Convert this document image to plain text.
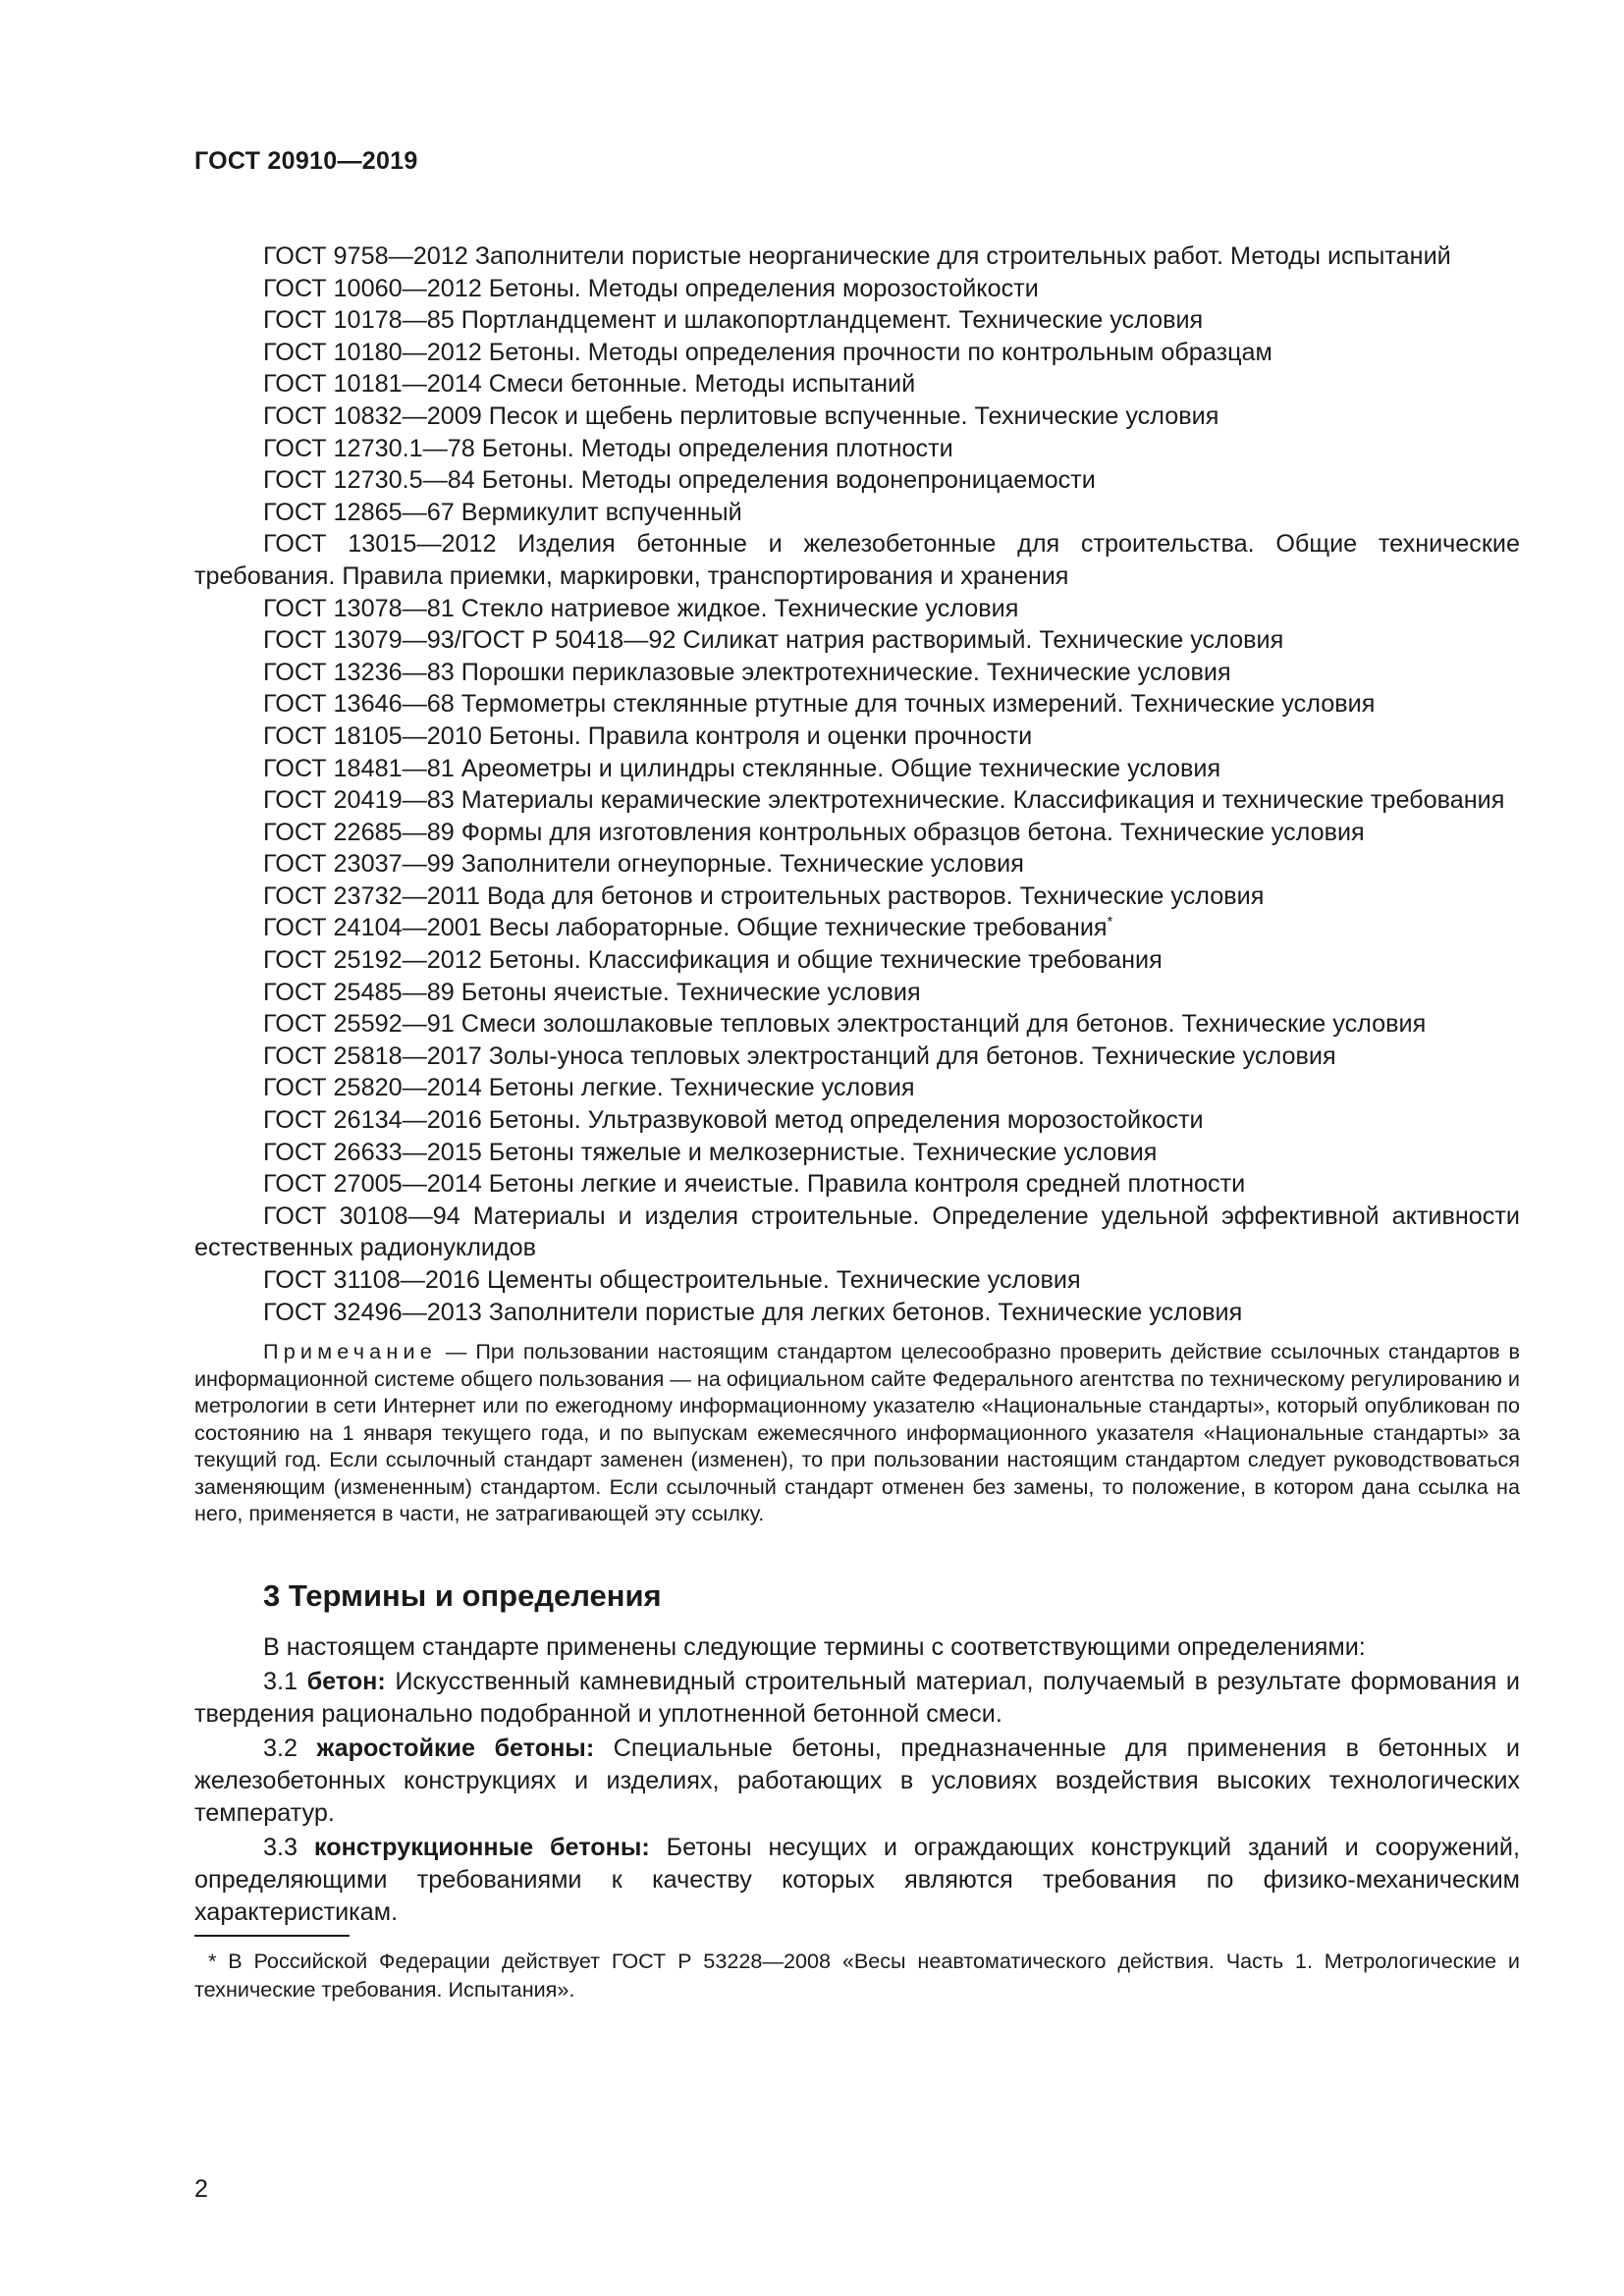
ГОСТ 20910—2019

ГОСТ 9758—2012 Заполнители пористые неорганические для строительных работ. Методы испытаний

ГОСТ 10060—2012 Бетоны. Методы определения морозостойкости

ГОСТ 10178—85 Портландцемент и шлакопортландцемент. Технические условия

ГОСТ 10180—2012 Бетоны. Методы определения прочности по контрольным образцам

ГОСТ 10181—2014 Смеси бетонные. Методы испытаний

ГОСТ 10832—2009 Песок и щебень перлитовые вспученные. Технические условия

ГОСТ 12730.1—78 Бетоны. Методы определения плотности

ГОСТ 12730.5—84 Бетоны. Методы определения водонепроницаемости

ГОСТ 12865—67 Вермикулит вспученный

ГОСТ 13015—2012 Изделия бетонные и железобетонные для строительства. Общие технические требования. Правила приемки, маркировки, транспортирования и хранения

ГОСТ 13078—81 Стекло натриевое жидкое. Технические условия

ГОСТ 13079—93/ГОСТ Р 50418—92 Силикат натрия растворимый. Технические условия

ГОСТ 13236—83 Порошки периклазовые электротехнические. Технические условия

ГОСТ 13646—68 Термометры стеклянные ртутные для точных измерений. Технические условия

ГОСТ 18105—2010 Бетоны. Правила контроля и оценки прочности

ГОСТ 18481—81 Ареометры и цилиндры стеклянные. Общие технические условия

ГОСТ 20419—83 Материалы керамические электротехнические. Классификация и технические требования

ГОСТ 22685—89 Формы для изготовления контрольных образцов бетона. Технические условия

ГОСТ 23037—99 Заполнители огнеупорные. Технические условия

ГОСТ 23732—2011 Вода для бетонов и строительных растворов. Технические условия

ГОСТ 24104—2001 Весы лабораторные. Общие технические требования*

ГОСТ 25192—2012 Бетоны. Классификация и общие технические требования

ГОСТ 25485—89 Бетоны ячеистые. Технические условия

ГОСТ 25592—91 Смеси золошлаковые тепловых электростанций для бетонов. Технические условия

ГОСТ 25818—2017 Золы-уноса тепловых электростанций для бетонов. Технические условия

ГОСТ 25820—2014 Бетоны легкие. Технические условия

ГОСТ 26134—2016 Бетоны. Ультразвуковой метод определения морозостойкости

ГОСТ 26633—2015 Бетоны тяжелые и мелкозернистые. Технические условия

ГОСТ 27005—2014 Бетоны легкие и ячеистые. Правила контроля средней плотности

ГОСТ 30108—94 Материалы и изделия строительные. Определение удельной эффективной активности естественных радионуклидов

ГОСТ 31108—2016 Цементы общестроительные. Технические условия

ГОСТ 32496—2013 Заполнители пористые для легких бетонов. Технические условия

Примечание — При пользовании настоящим стандартом целесообразно проверить действие ссылочных стандартов в информационной системе общего пользования — на официальном сайте Федерального агентства по техническому регулированию и метрологии в сети Интернет или по ежегодному информационному указателю «Национальные стандарты», который опубликован по состоянию на 1 января текущего года, и по выпускам ежемесячного информационного указателя «Национальные стандарты» за текущий год. Если ссылочный стандарт заменен (изменен), то при пользовании настоящим стандартом следует руководствоваться заменяющим (измененным) стандартом. Если ссылочный стандарт отменен без замены, то положение, в котором дана ссылка на него, применяется в части, не затрагивающей эту ссылку.
3 Термины и определения

В настоящем стандарте применены следующие термины с соответствующими определениями:

3.1 бетон: Искусственный камневидный строительный материал, получаемый в результате формования и твердения рационально подобранной и уплотненной бетонной смеси.

3.2 жаростойкие бетоны: Специальные бетоны, предназначенные для применения в бетонных и железобетонных конструкциях и изделиях, работающих в условиях воздействия высоких технологических температур.

3.3 конструкционные бетоны: Бетоны несущих и ограждающих конструкций зданий и сооружений, определяющими требованиями к качеству которых являются требования по физико-механическим характеристикам.

* В Российской Федерации действует ГОСТ Р 53228—2008 «Весы неавтоматического действия. Часть 1. Метрологические и технические требования. Испытания».
2
